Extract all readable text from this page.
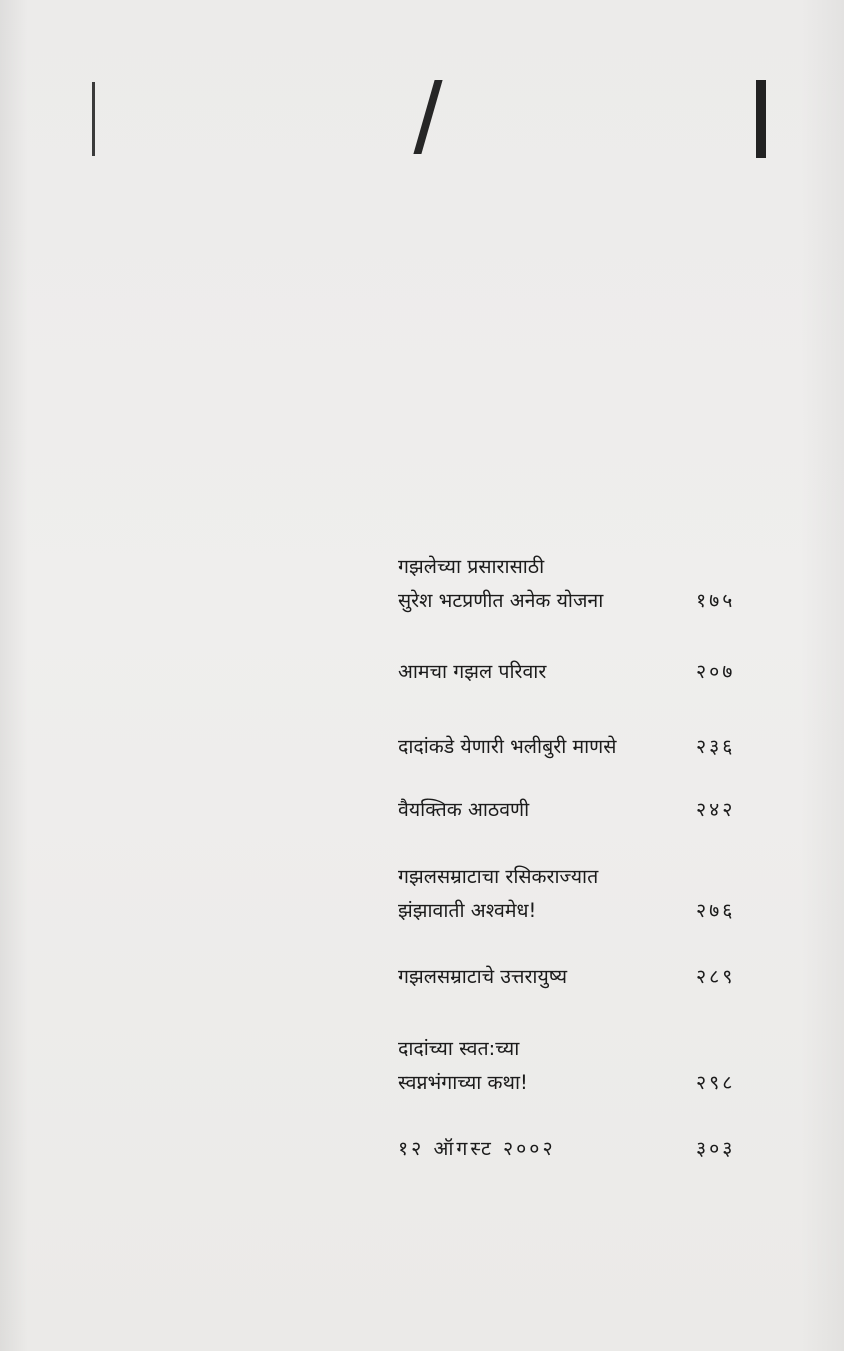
गझलेच्या प्रसारासाठी
सुरेश भटप्रणीत अनेक योजना	१७५
आमचा गझल परिवार	२०७
दादांकडे येणारी भलीबुरी माणसे	२३६
वैयक्तिक आठवणी	२४२
गझलसम्राटाचा रसिकराज्यात
झंझावाती अश्वमेध!	२७६
गझलसम्राटाचे उत्तरायुष्य	२८९
दादांच्या स्वत:च्या
स्वप्नभंगाच्या कथा!	२९८
१२ ऑगस्ट २००२	३०३
